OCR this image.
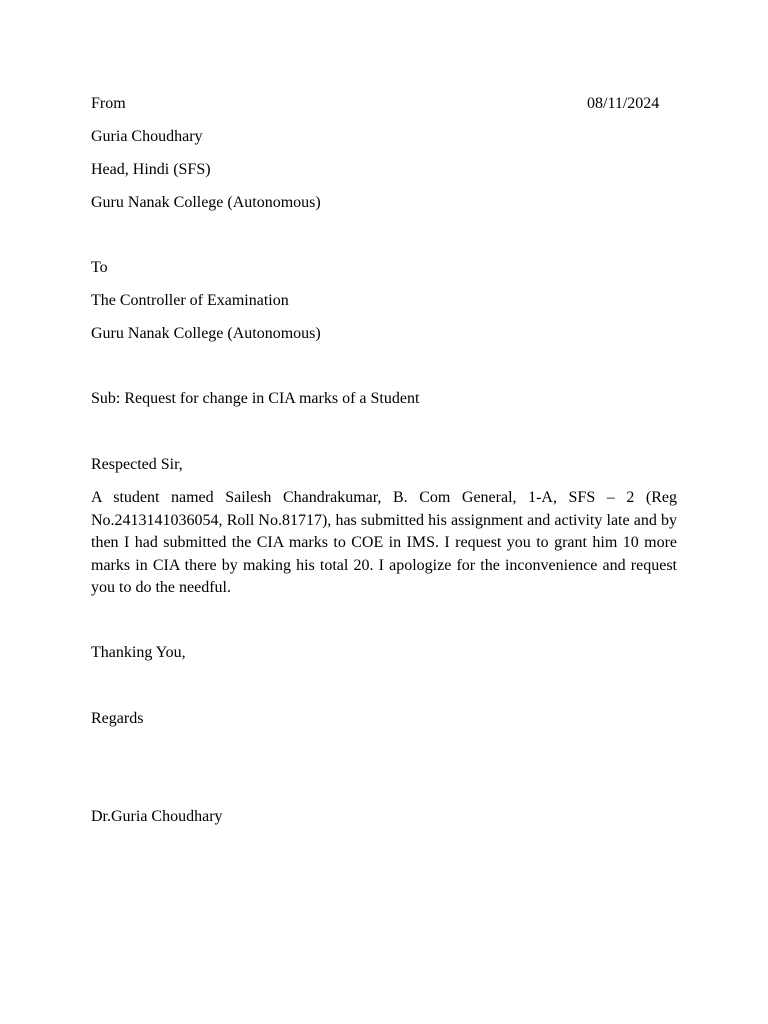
From	08/11/2024
Guria Choudhary
Head, Hindi (SFS)
Guru Nanak College (Autonomous)
To
The Controller of Examination
Guru Nanak College (Autonomous)
Sub: Request for change in CIA marks of a Student
Respected Sir,
A student named Sailesh Chandrakumar, B. Com General, 1-A, SFS – 2 (Reg No.2413141036054, Roll No.81717), has submitted his assignment and activity late and by then I had submitted the CIA marks to COE in IMS. I request you to grant him 10 more marks in CIA there by making his total 20. I apologize for the inconvenience and request you to do the needful.
Thanking You,
Regards
Dr.Guria Choudhary
